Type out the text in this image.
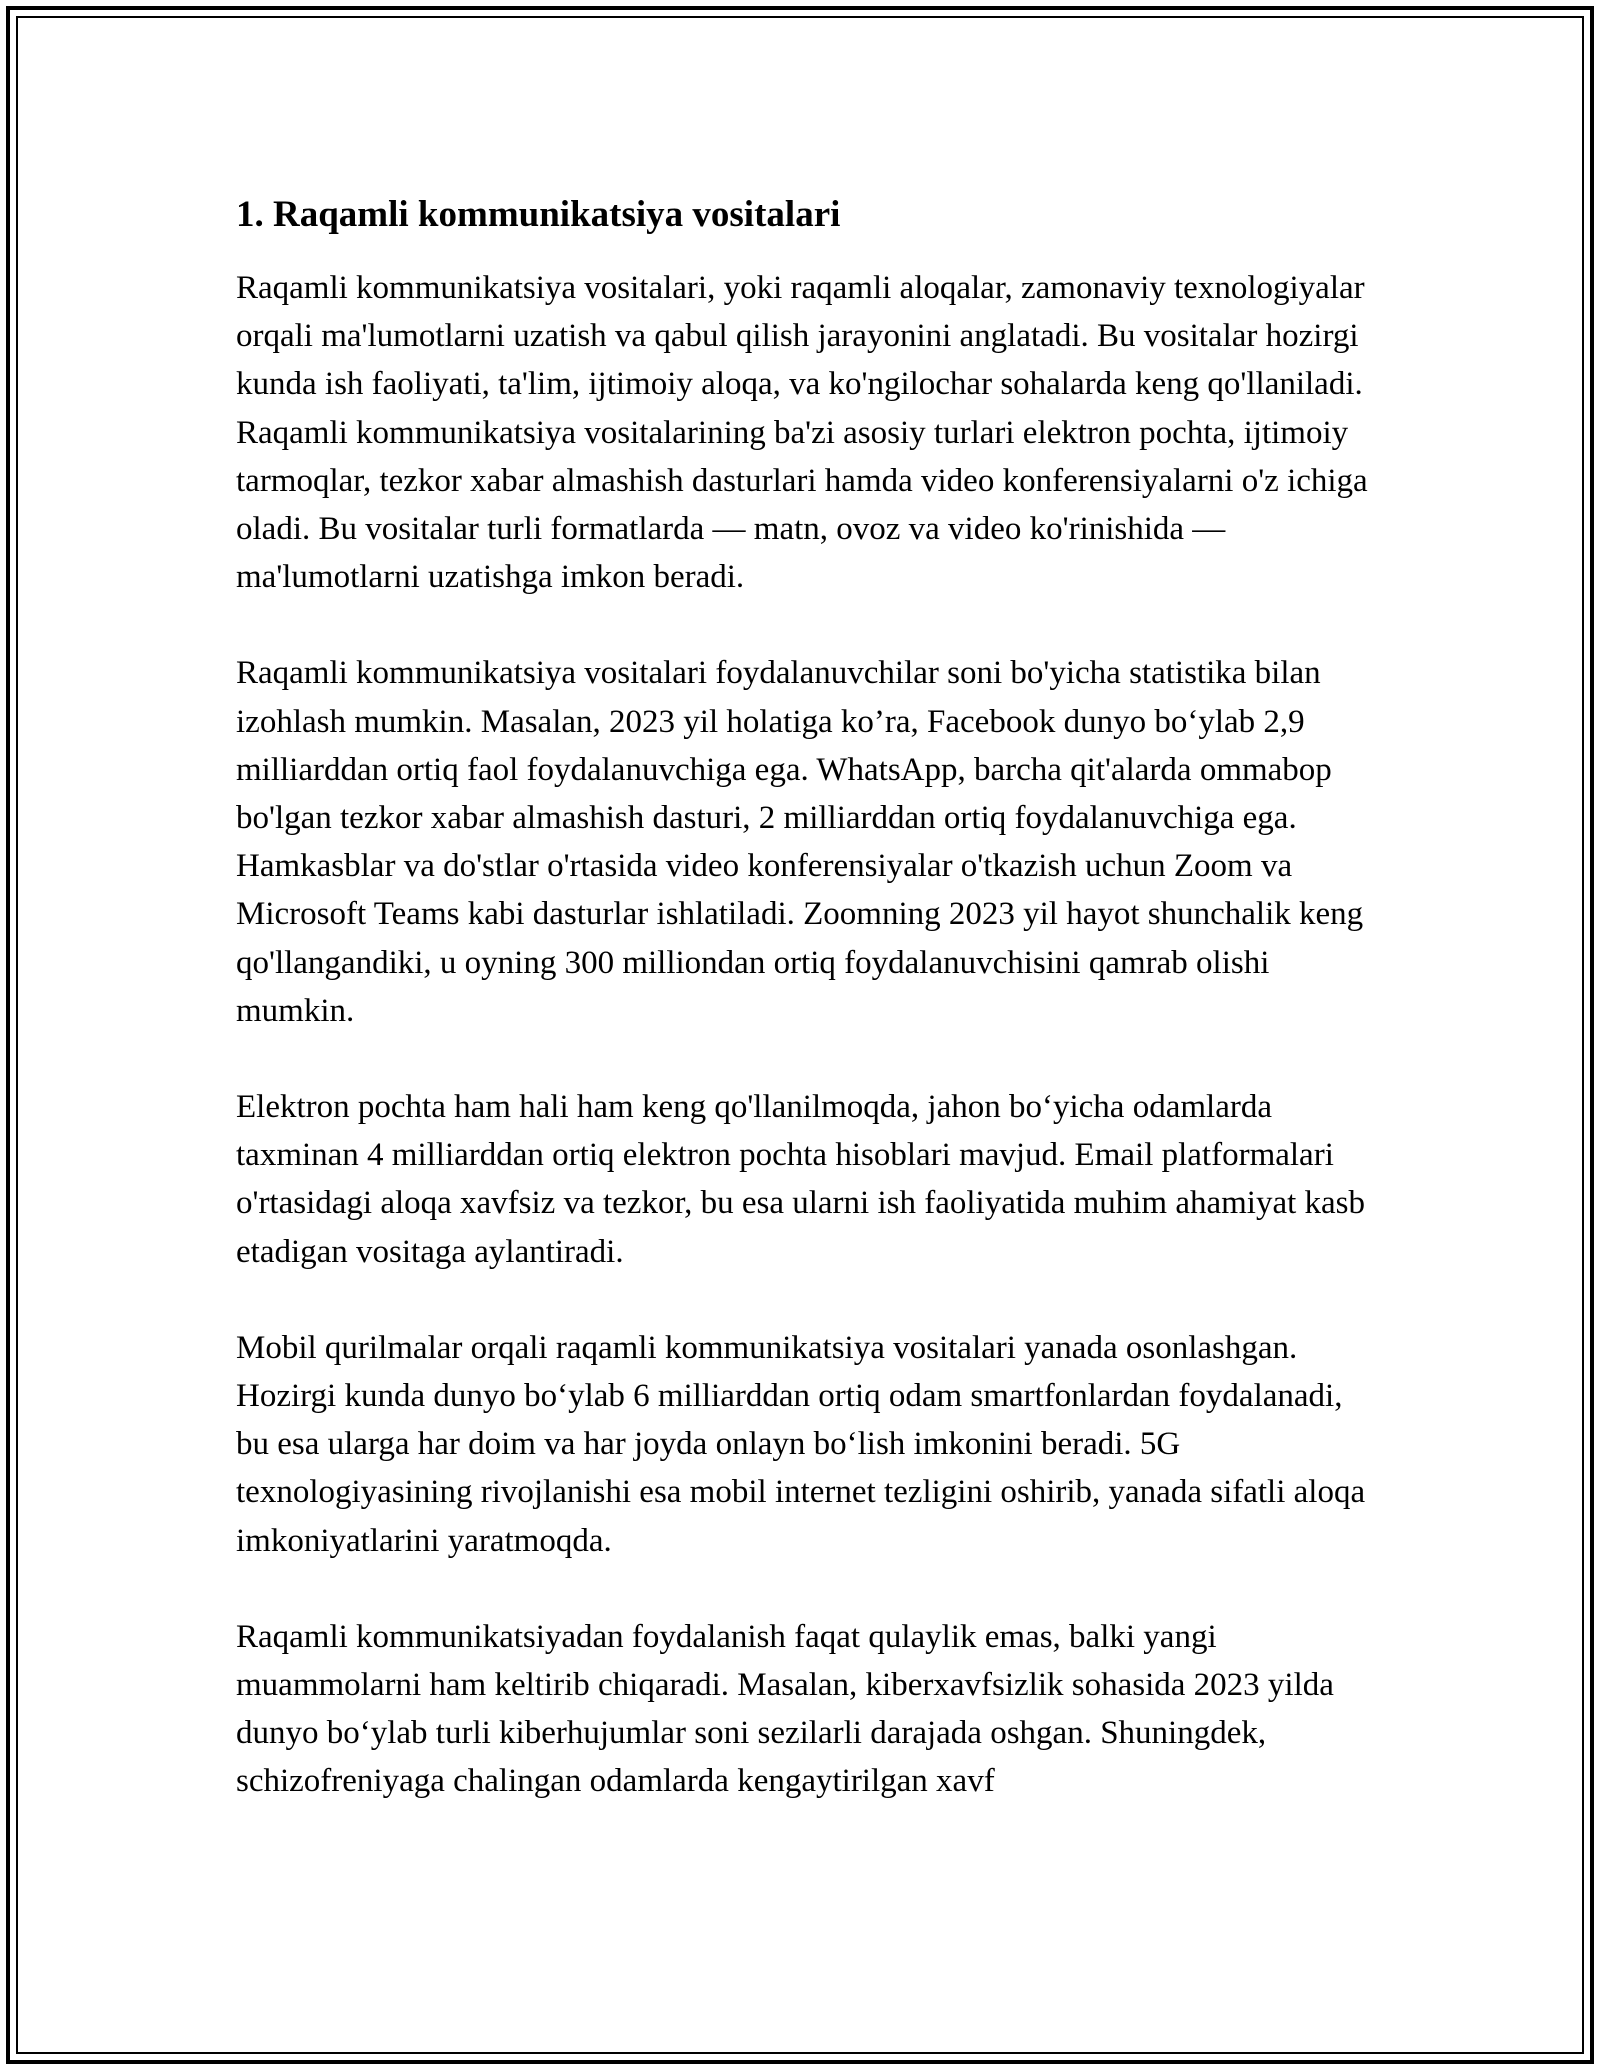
1. Raqamli kommunikatsiya vositalari

Raqamli kommunikatsiya vositalari, yoki raqamli aloqalar, zamonaviy texnologiyalar orqali ma'lumotlarni uzatish va qabul qilish jarayonini anglatadi. Bu vositalar hozirgi kunda ish faoliyati, ta'lim, ijtimoiy aloqa, va ko'ngilochar sohalarda keng qo'llaniladi. Raqamli kommunikatsiya vositalarining ba'zi asosiy turlari elektron pochta, ijtimoiy tarmoqlar, tezkor xabar almashish dasturlari hamda video konferensiyalarni o'z ichiga oladi. Bu vositalar turli formatlarda — matn, ovoz va video ko'rinishida — ma'lumotlarni uzatishga imkon beradi.

Raqamli kommunikatsiya vositalari foydalanuvchilar soni bo'yicha statistika bilan izohlash mumkin. Masalan, 2023 yil holatiga ko’ra, Facebook dunyo bo‘ylab 2,9 milliarddan ortiq faol foydalanuvchiga ega. WhatsApp, barcha qit'alarda ommabop bo'lgan tezkor xabar almashish dasturi, 2 milliarddan ortiq foydalanuvchiga ega. Hamkasblar va do'stlar o'rtasida video konferensiyalar o'tkazish uchun Zoom va Microsoft Teams kabi dasturlar ishlatiladi. Zoomning 2023 yil hayot shunchalik keng qo'llangandiki, u oyning 300 milliondan ortiq foydalanuvchisini qamrab olishi mumkin.

Elektron pochta ham hali ham keng qo'llanilmoqda, jahon bo‘yicha odamlarda taxminan 4 milliarddan ortiq elektron pochta hisoblari mavjud. Email platformalari o'rtasidagi aloqa xavfsiz va tezkor, bu esa ularni ish faoliyatida muhim ahamiyat kasb etadigan vositaga aylantiradi.

Mobil qurilmalar orqali raqamli kommunikatsiya vositalari yanada osonlashgan. Hozirgi kunda dunyo bo‘ylab 6 milliarddan ortiq odam smartfonlardan foydalanadi, bu esa ularga har doim va har joyda onlayn bo‘lish imkonini beradi. 5G texnologiyasining rivojlanishi esa mobil internet tezligini oshirib, yanada sifatli aloqa imkoniyatlarini yaratmoqda.

Raqamli kommunikatsiyadan foydalanish faqat qulaylik emas, balki yangi muammolarni ham keltirib chiqaradi. Masalan, kiberxavfsizlik sohasida 2023 yilda dunyo bo‘ylab turli kiberhujumlar soni sezilarli darajada oshgan. Shuningdek, schizofreniyaga chalingan odamlarda kengaytirilgan xavf
